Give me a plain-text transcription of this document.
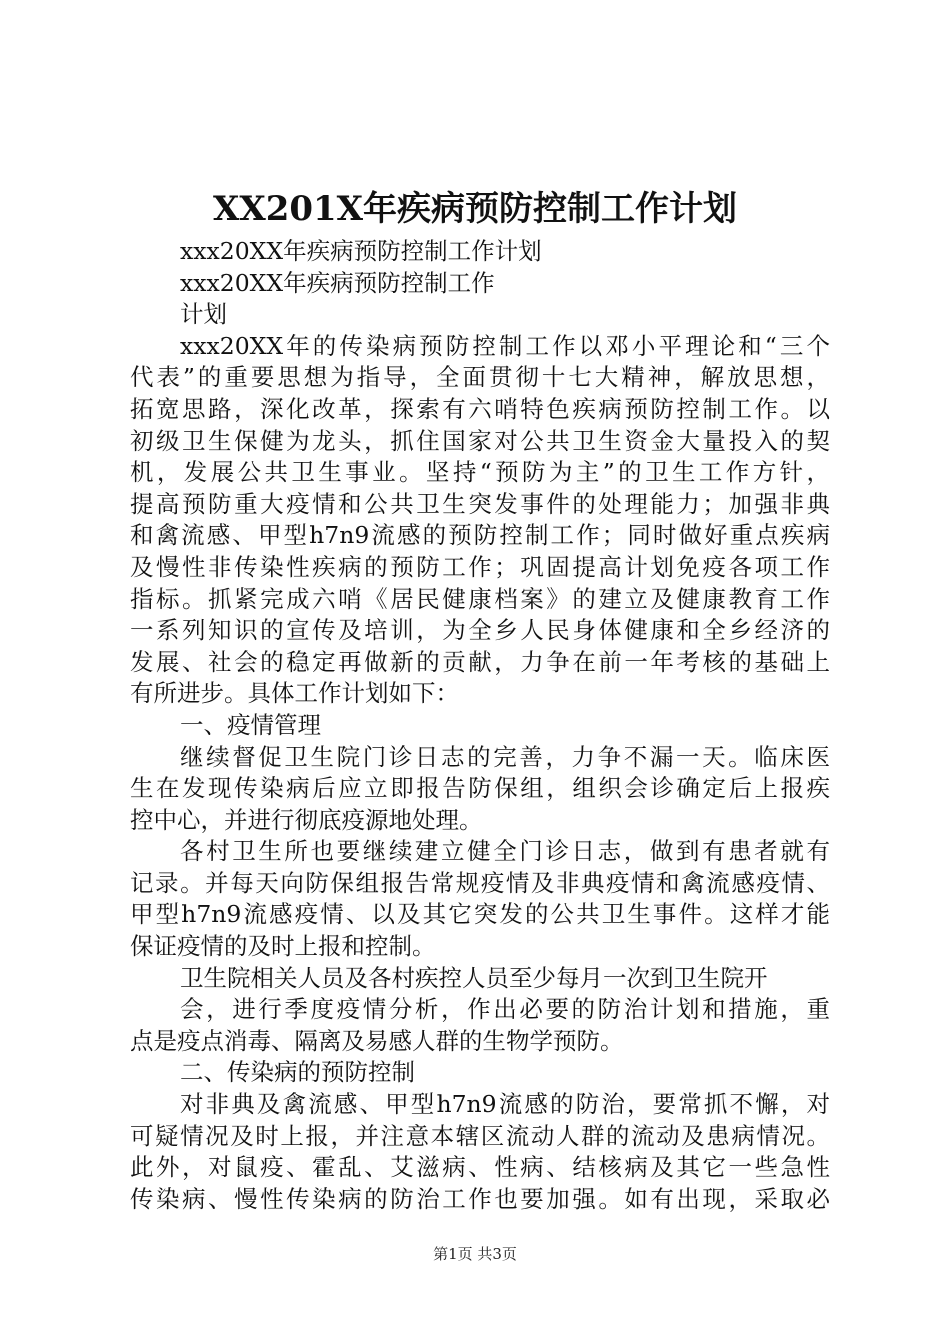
XX201X年疾病预防控制工作计划
xxx20XX年疾病预防控制工作计划
xxx20XX年疾病预防控制工作
计划
xxx20XX年的传染病预防控制工作以邓小平理论和“三个
代表”的重要思想为指导，全面贯彻十七大精神，解放思想，
拓宽思路，深化改革，探索有六哨特色疾病预防控制工作。以
初级卫生保健为龙头，抓住国家对公共卫生资金大量投入的契
机，发展公共卫生事业。坚持“预防为主”的卫生工作方针，
提高预防重大疫情和公共卫生突发事件的处理能力；加强非典
和禽流感、甲型h7n9流感的预防控制工作；同时做好重点疾病
及慢性非传染性疾病的预防工作；巩固提高计划免疫各项工作
指标。抓紧完成六哨《居民健康档案》的建立及健康教育工作
一系列知识的宣传及培训，为全乡人民身体健康和全乡经济的
发展、社会的稳定再做新的贡献，力争在前一年考核的基础上
有所进步。具体工作计划如下：
一、疫情管理
继续督促卫生院门诊日志的完善，力争不漏一天。临床医
生在发现传染病后应立即报告防保组，组织会诊确定后上报疾
控中心，并进行彻底疫源地处理。
各村卫生所也要继续建立健全门诊日志，做到有患者就有
记录。并每天向防保组报告常规疫情及非典疫情和禽流感疫情、
甲型h7n9流感疫情、以及其它突发的公共卫生事件。这样才能
保证疫情的及时上报和控制。
卫生院相关人员及各村疾控人员至少每月一次到卫生院开
会，进行季度疫情分析，作出必要的防治计划和措施，重
点是疫点消毒、隔离及易感人群的生物学预防。
二、传染病的预防控制
对非典及禽流感、甲型h7n9流感的防治，要常抓不懈，对
可疑情况及时上报，并注意本辖区流动人群的流动及患病情况。
此外，对鼠疫、霍乱、艾滋病、性病、结核病及其它一些急性
传染病、慢性传染病的防治工作也要加强。如有出现，采取必
第1页 共3页
